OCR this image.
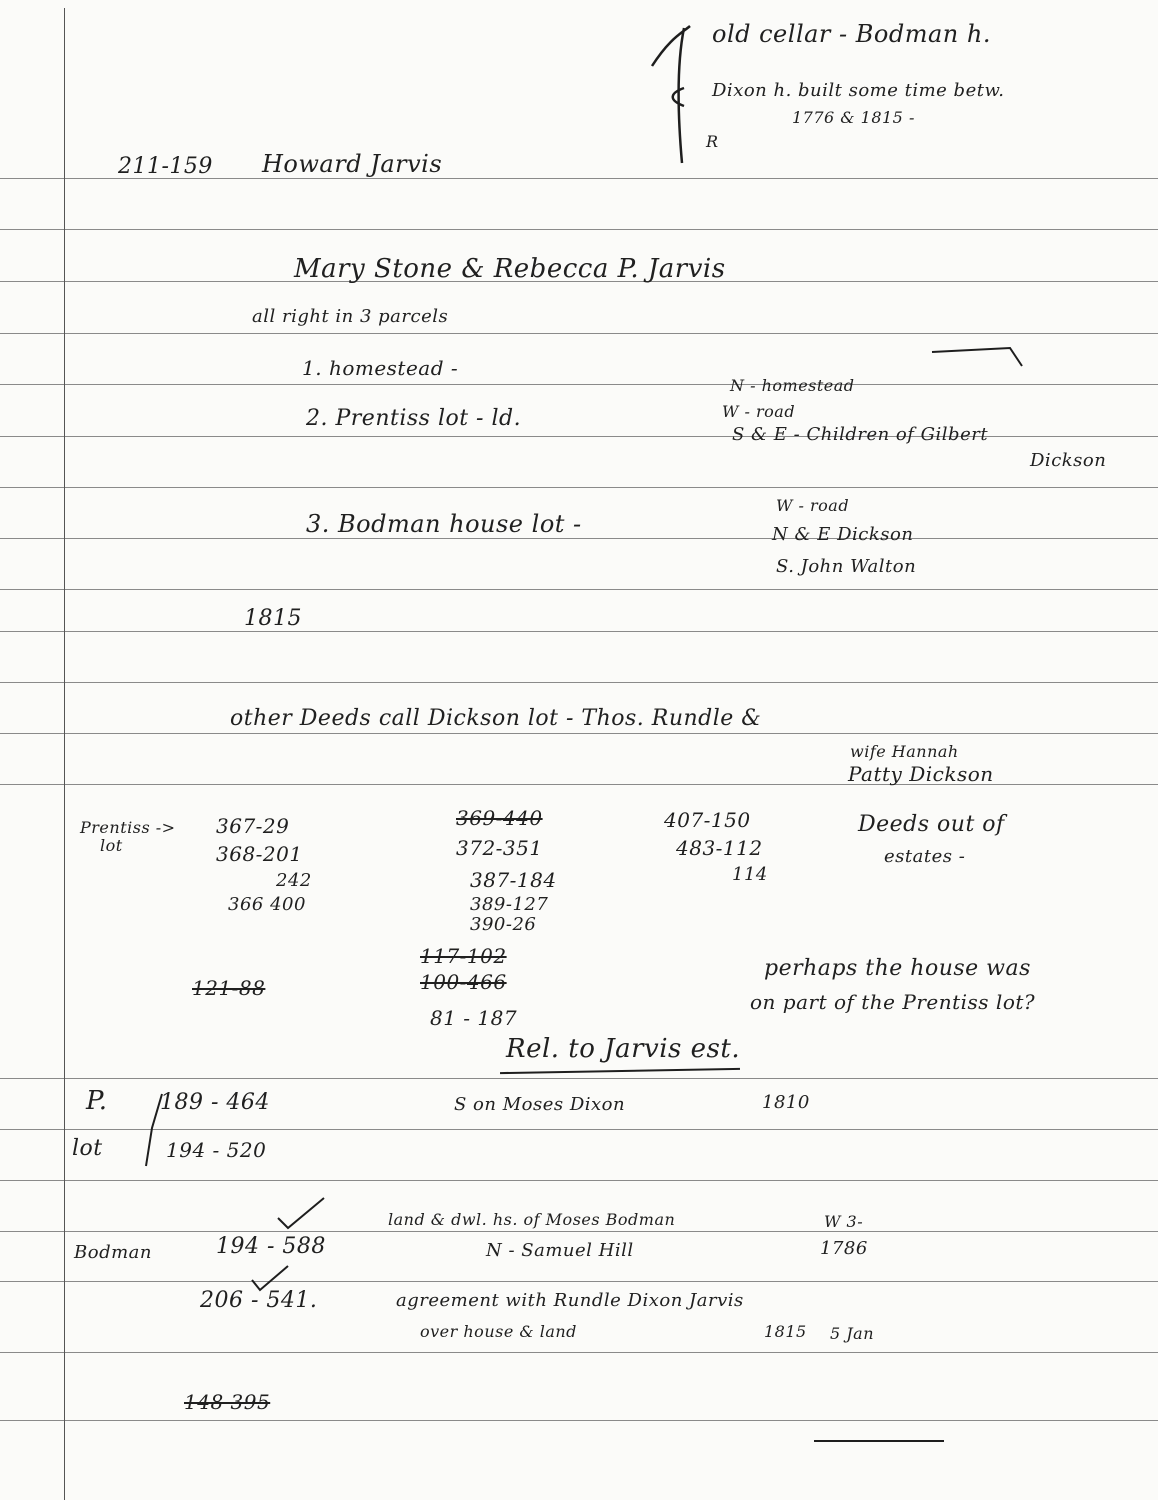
old cellar - Bodman h.
Dixon h. built some time betw.
1776 & 1815 -
R
211-159 Howard Jarvis
Mary Stone & Rebecca P. Jarvis
all right in 3 parcels
1. homestead -
2. Prentiss lot - ld.
N - homestead
W - road
S & E - Children of Gilbert
Dickson
3. Bodman house lot -
W - road
N & E Dickson
S. John Walton
1815
other Deeds call Dickson lot - Thos. Rundle &
wife Hannah
Patty Dickson
Prentiss ->
lot
367-29
368-201
242
366 400
369-440
372-351
387-184
389-127
390-26
407-150
483-112
114
Deeds out of
estates -
121-88
117-102
100-466
81 - 187
perhaps the house was
on part of the Prentiss lot?
Rel. to Jarvis est.
P.
lot
189 - 464
194 - 520
S on Moses Dixon	1810
land & dwl. hs. of Moses Bodman	W 3-
Bodman	194 - 588	N - Samuel Hill	1786
206 - 541.	agreement with Rundle Dixon Jarvis
over house & land	1815 5 Jan
148 395
